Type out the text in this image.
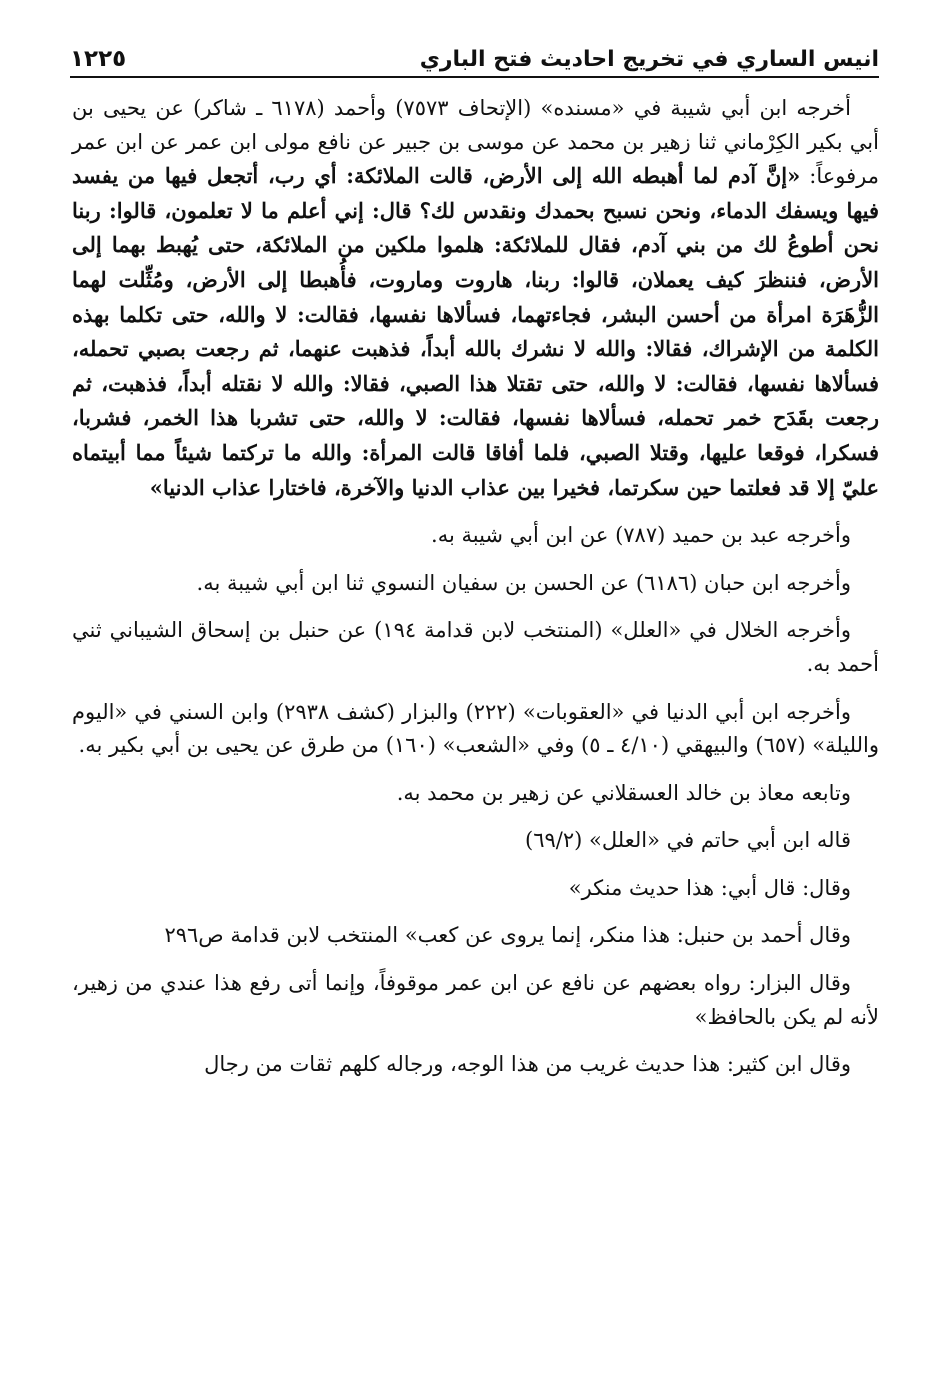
انيس الساري في تخريج احاديث فتح الباري
١٢٢٥

أخرجه ابن أبي شيبة في «مسنده» (الإتحاف ٧٥٧٣) وأحمد (٦١٧٨ ـ شاكر) عن يحيى بن أبي بكير الكِرْماني ثنا زهير بن محمد عن موسى بن جبير عن نافع مولى ابن عمر عن ابن عمر مرفوعاً: «إنَّ آدم لما أهبطه الله إلى الأرض، قالت الملائكة: أي رب، أتجعل فيها من يفسد فيها ويسفك الدماء، ونحن نسبح بحمدك ونقدس لك؟ قال: إني أعلم ما لا تعلمون، قالوا: ربنا نحن أطوعُ لك من بني آدم، فقال للملائكة: هلموا ملكين من الملائكة، حتى يُهبط بهما إلى الأرض، فننظرَ كيف يعملان، قالوا: ربنا، هاروت وماروت، فأُهبطا إلى الأرض، ومُثِّلت لهما الزُّهَرَة امرأة من أحسن البشر، فجاءتهما، فسألاها نفسها، فقالت: لا والله، حتى تكلما بهذه الكلمة من الإشراك، فقالا: والله لا نشرك بالله أبداً، فذهبت عنهما، ثم رجعت بصبي تحمله، فسألاها نفسها، فقالت: لا والله، حتى تقتلا هذا الصبي، فقالا: والله لا نقتله أبداً، فذهبت، ثم رجعت بقَدَح خمر تحمله، فسألاها نفسها، فقالت: لا والله، حتى تشربا هذا الخمر، فشربا، فسكرا، فوقعا عليها، وقتلا الصبي، فلما أفاقا قالت المرأة: والله ما تركتما شيئاً مما أبيتماه عليّ إلا قد فعلتما حين سكرتما، فخيرا بين عذاب الدنيا والآخرة، فاختارا عذاب الدنيا»

وأخرجه عبد بن حميد (٧٨٧) عن ابن أبي شيبة به.

وأخرجه ابن حبان (٦١٨٦) عن الحسن بن سفيان النسوي ثنا ابن أبي شيبة به.

وأخرجه الخلال في «العلل» (المنتخب لابن قدامة ١٩٤) عن حنبل بن إسحاق الشيباني ثني أحمد به.

وأخرجه ابن أبي الدنيا في «العقوبات» (٢٢٢) والبزار (كشف ٢٩٣٨) وابن السني في «اليوم والليلة» (٦٥٧) والبيهقي (٤/١٠ ـ ٥) وفي «الشعب» (١٦٠) من طرق عن يحيى بن أبي بكير به.

وتابعه معاذ بن خالد العسقلاني عن زهير بن محمد به.

قاله ابن أبي حاتم في «العلل» (٦٩/٢)

وقال: قال أبي: هذا حديث منكر»

وقال أحمد بن حنبل: هذا منكر، إنما يروى عن كعب» المنتخب لابن قدامة ص٢٩٦

وقال البزار: رواه بعضهم عن نافع عن ابن عمر موقوفاً، وإنما أتى رفع هذا عندي من زهير، لأنه لم يكن بالحافظ»

وقال ابن كثير: هذا حديث غريب من هذا الوجه، ورجاله كلهم ثقات من رجال
